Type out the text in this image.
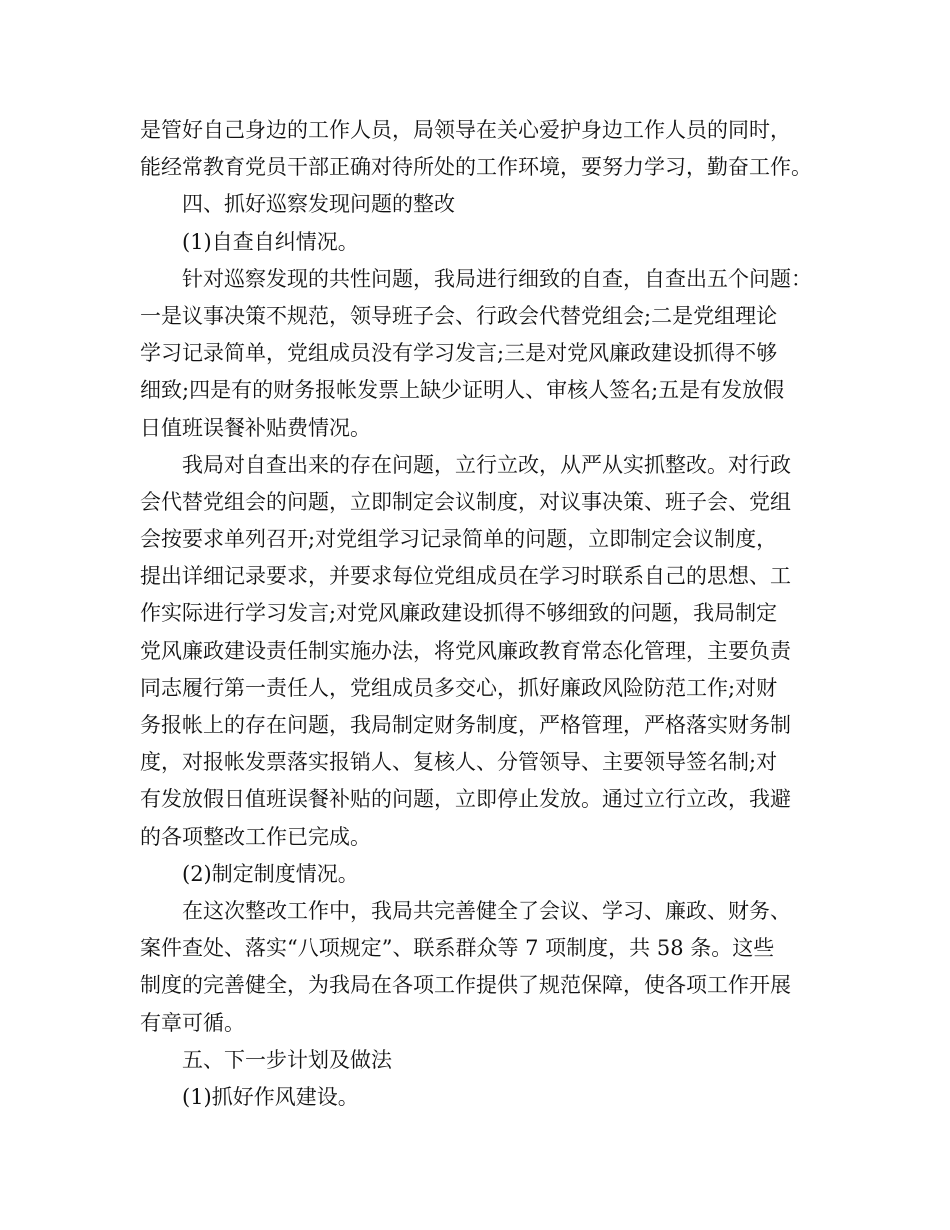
是管好自己身边的工作人员，局领导在关心爱护身边工作人员的同时，
能经常教育党员干部正确对待所处的工作环境，要努力学习，勤奋工作。
四、抓好巡察发现问题的整改
(1)自查自纠情况。
针对巡察发现的共性问题，我局进行细致的自查，自查出五个问题：
一是议事决策不规范，领导班子会、行政会代替党组会;二是党组理论
学习记录简单，党组成员没有学习发言;三是对党风廉政建设抓得不够
细致;四是有的财务报帐发票上缺少证明人、审核人签名;五是有发放假
日值班误餐补贴费情况。
我局对自查出来的存在问题，立行立改，从严从实抓整改。对行政
会代替党组会的问题，立即制定会议制度，对议事决策、班子会、党组
会按要求单列召开;对党组学习记录简单的问题，立即制定会议制度，
提出详细记录要求，并要求每位党组成员在学习时联系自己的思想、工
作实际进行学习发言;对党风廉政建设抓得不够细致的问题，我局制定
党风廉政建设责任制实施办法，将党风廉政教育常态化管理，主要负责
同志履行第一责任人，党组成员多交心，抓好廉政风险防范工作;对财
务报帐上的存在问题，我局制定财务制度，严格管理，严格落实财务制
度，对报帐发票落实报销人、复核人、分管领导、主要领导签名制;对
有发放假日值班误餐补贴的问题，立即停止发放。通过立行立改，我避
的各项整改工作已完成。
(2)制定制度情况。
在这次整改工作中，我局共完善健全了会议、学习、廉政、财务、
案件查处、落实“八项规定”、联系群众等 7 项制度，共 58 条。这些
制度的完善健全，为我局在各项工作提供了规范保障，使各项工作开展
有章可循。
五、下一步计划及做法
(1)抓好作风建设。
